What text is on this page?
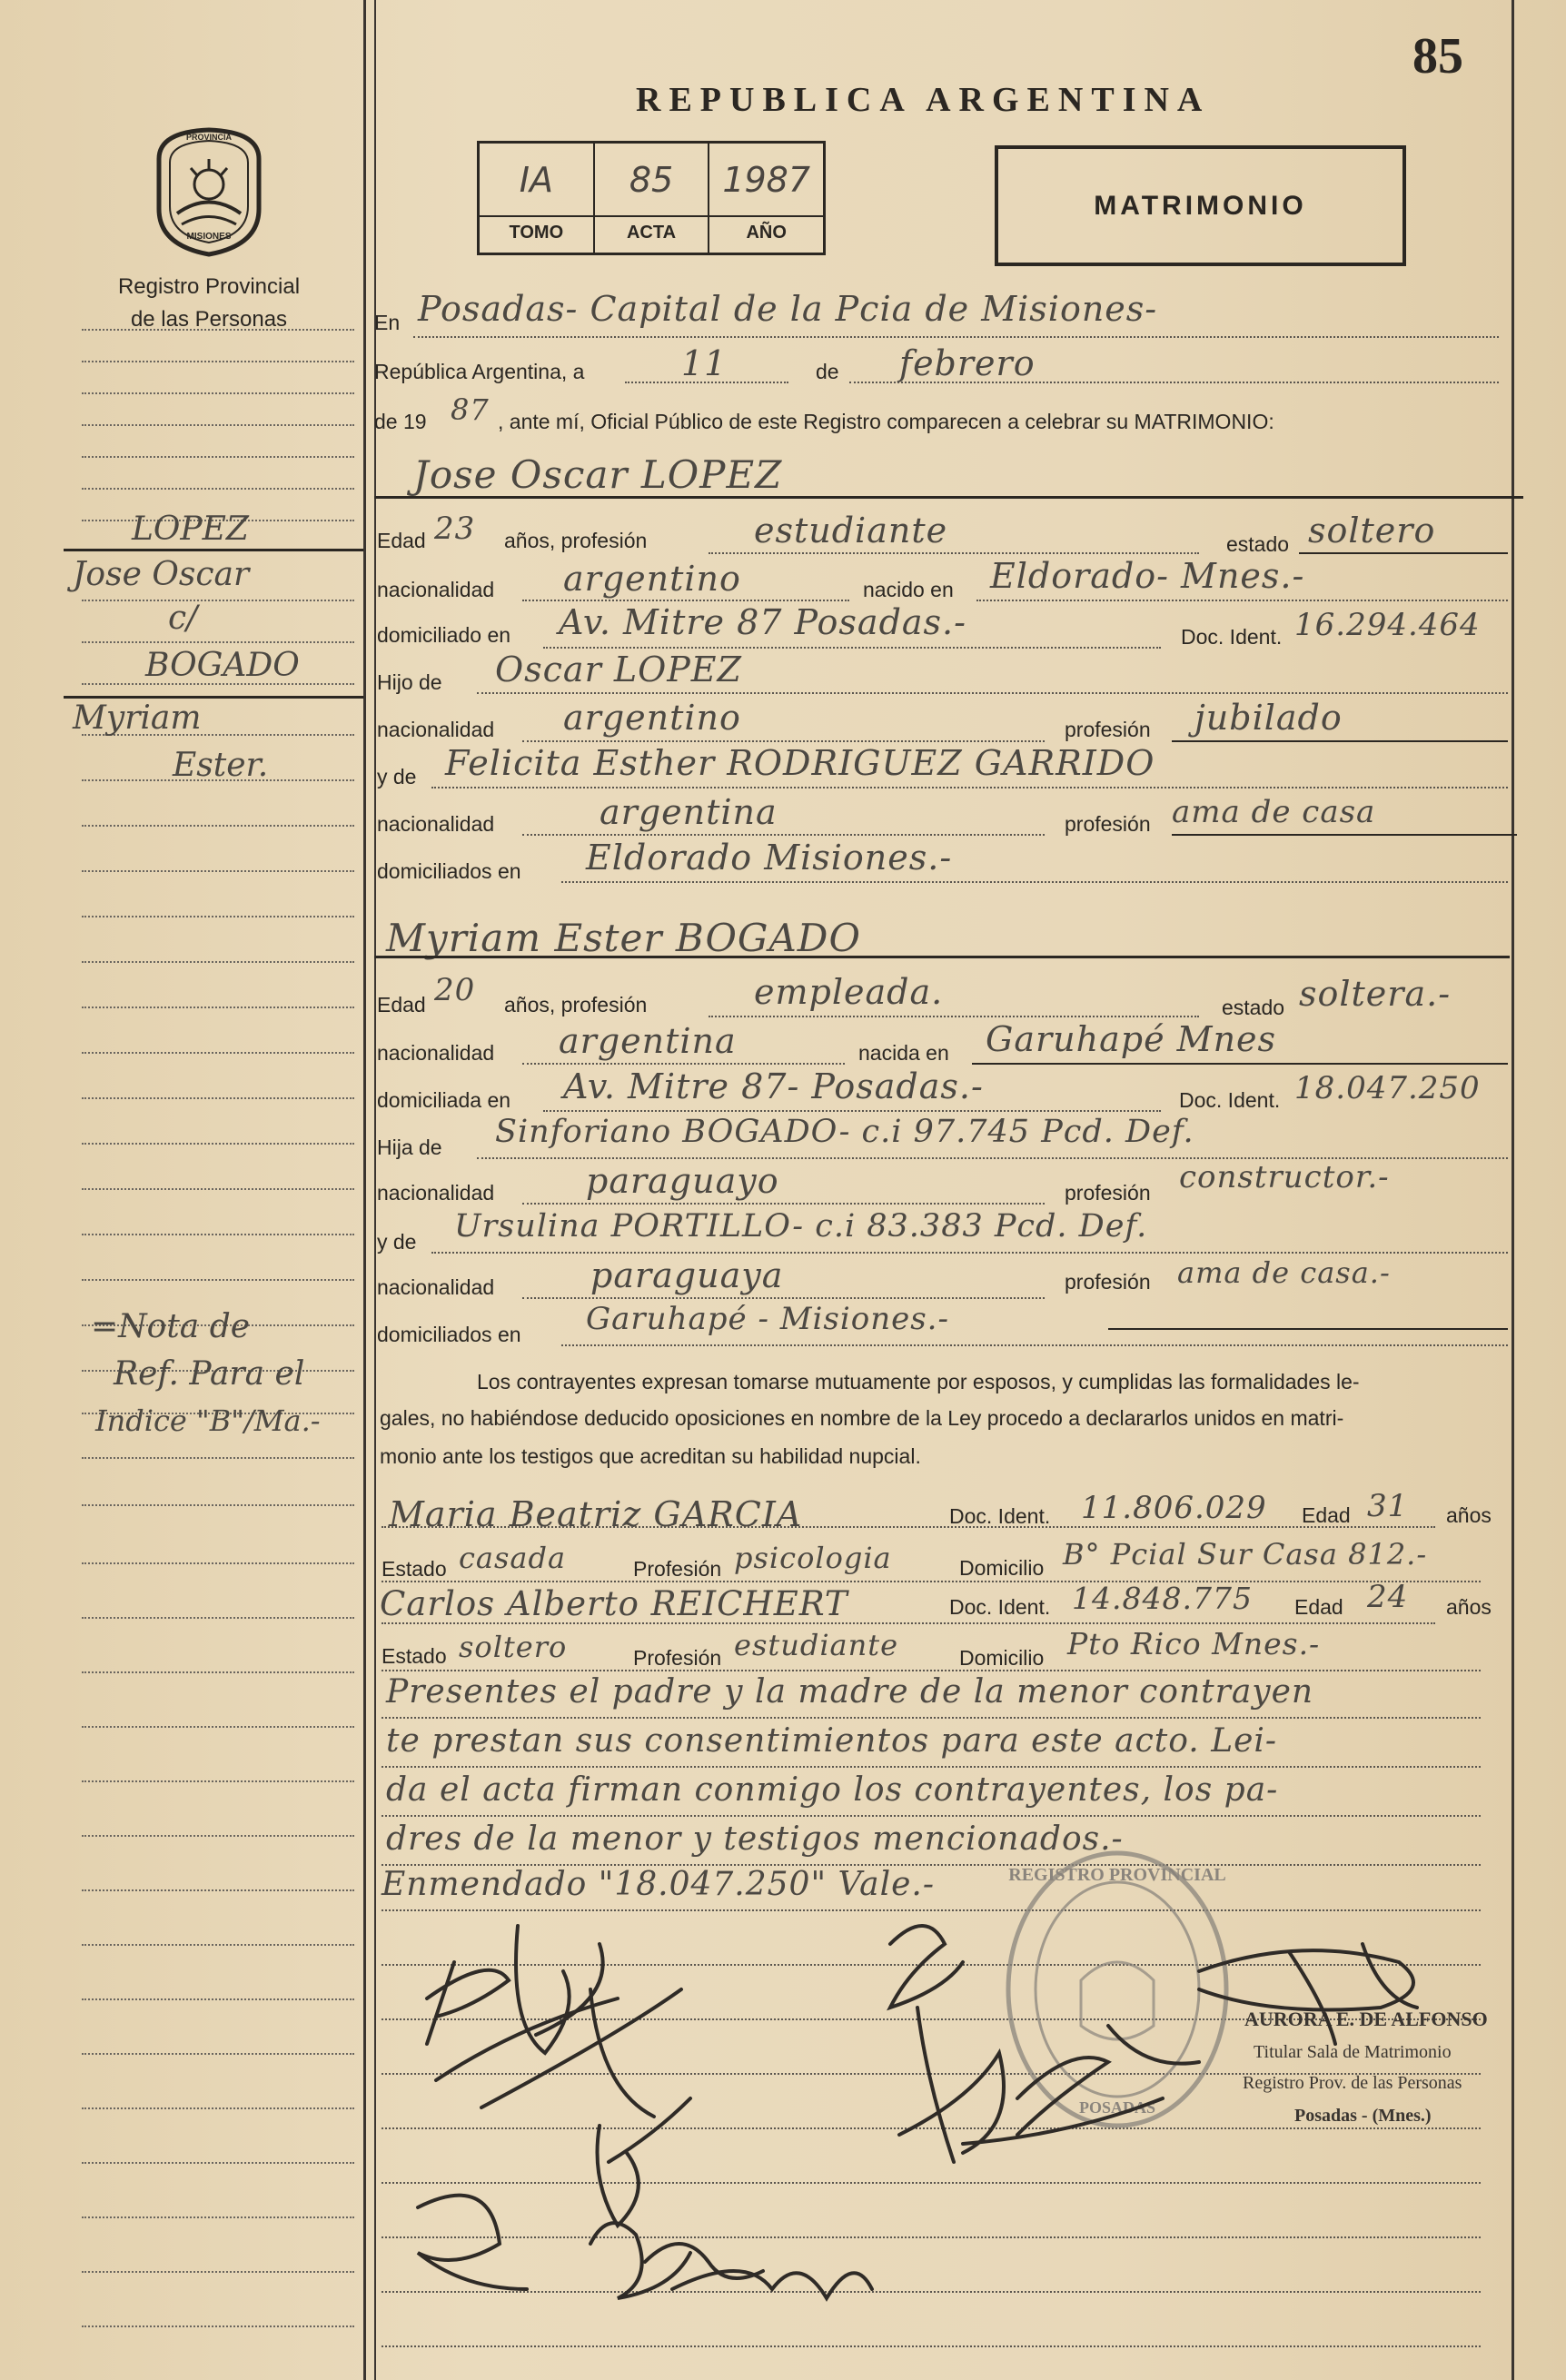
85
REPUBLICA ARGENTINA
IA
TOMO
85
ACTA
1987
AÑO
MATRIMONIO
PROVINCIA
MISIONES
Registro Provincial
de las Personas
LOPEZ
Jose Oscar
c/
BOGADO
Myriam
Ester.
=Nota de
Ref. Para el
Indice "B"/Ma.-
En Posadas- Capital de la Pcia de Misiones-
República Argentina, a	11	de febrero
de 19 87 , ante mí, Oficial Público de este Registro comparecen a celebrar su MATRIMONIO:
Jose Oscar LOPEZ
Edad 23 años, profesión	estudiante	estado soltero
nacionalidad argentino	nacido en Eldorado- Mnes.-
domiciliado en Av. Mitre 87 Posadas.-	Doc. Ident. 16.294.464
Hijo de Oscar LOPEZ
nacionalidad argentino	profesión jubilado
y de Felicita Esther RODRIGUEZ GARRIDO
nacionalidad	argentina	profesión ama de casa
domiciliados en Eldorado Misiones.-
Myriam Ester BOGADO
Edad 20 años, profesión	empleada.	estado soltera.-
nacionalidad argentina	nacida en Garuhapé Mnes
domiciliada en Av. Mitre 87- Posadas.-	Doc. Ident. 18.047.250
Hija de Sinforiano BOGADO- c.i 97.745 Pcd. Def.
nacionalidad	paraguayo	profesión constructor.-
y de Ursulina PORTILLO- c.i 83.383 Pcd. Def.
nacionalidad	paraguaya	profesión ama de casa.-
domiciliados en Garuhapé - Misiones.-
Los contrayentes expresan tomarse mutuamente por esposos, y cumplidas las formalidades le-
gales, no habiéndose deducido oposiciones en nombre de la Ley procedo a declararlos unidos en matri-
monio ante los testigos que acreditan su habilidad nupcial.
Maria Beatriz GARCIA	Doc. Ident. 11.806.029 Edad 31 años
Estado casada	Profesión psicologia	Domicilio B° Pcial Sur Casa 812.-
Carlos Alberto REICHERT	Doc. Ident. 14.848.775 Edad 24 años
Estado soltero	Profesión estudiante	Domicilio Pto Rico Mnes.-
Presentes el padre y la madre de la menor contrayen
te prestan sus consentimientos para este acto. Lei-
da el acta firman conmigo los contrayentes, los pa-
dres de la menor y testigos mencionados.-
Enmendado "18.047.250" Vale.-	REGISTRO PROVINCIAL
POSADAS
AURORA E. DE ALFONSO
Titular Sala de Matrimonio
Registro Prov. de las Personas
Posadas - (Mnes.)
